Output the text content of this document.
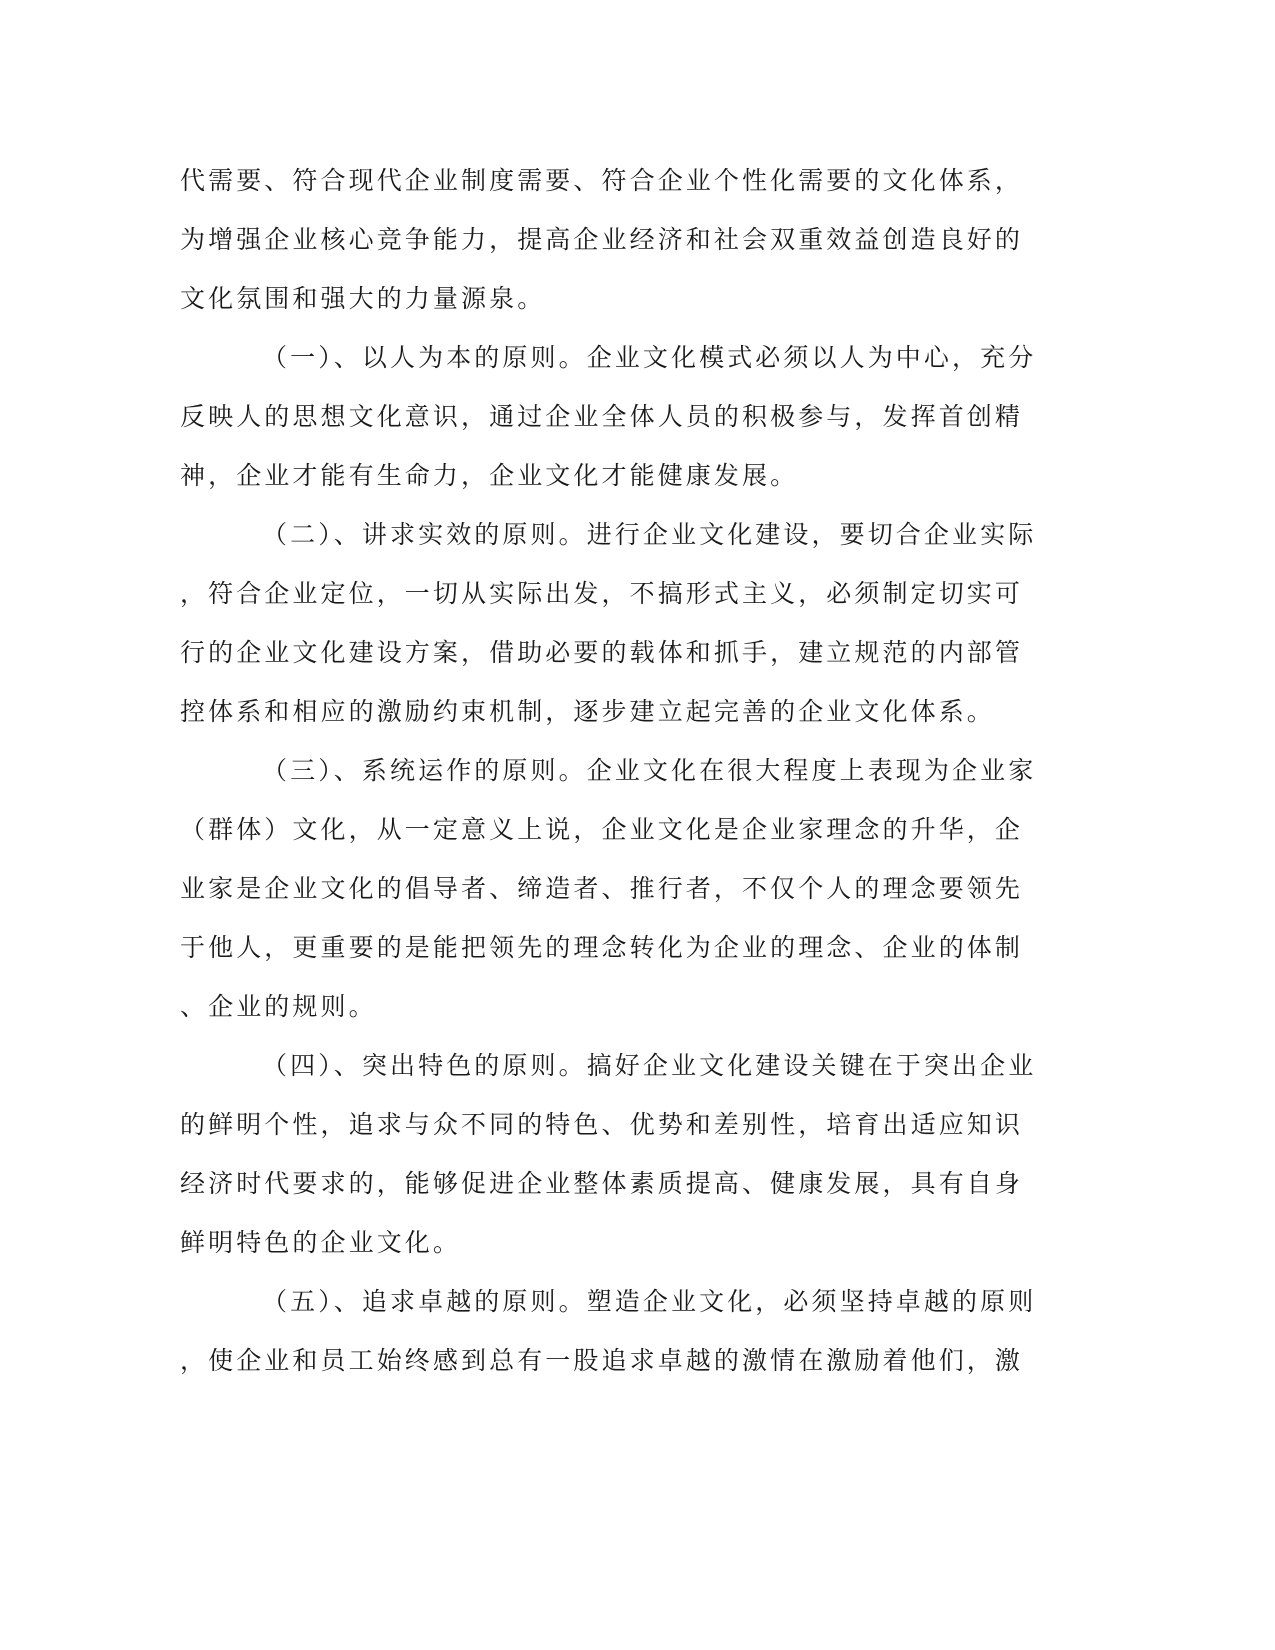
代需要、符合现代企业制度需要、符合企业个性化需要的文化体系，

为增强企业核心竞争能力，提高企业经济和社会双重效益创造良好的

文化氛围和强大的力量源泉。

（一）、以人为本的原则。企业文化模式必须以人为中心，充分

反映人的思想文化意识，通过企业全体人员的积极参与，发挥首创精

神，企业才能有生命力，企业文化才能健康发展。

（二）、讲求实效的原则。进行企业文化建设，要切合企业实际

，符合企业定位，一切从实际出发，不搞形式主义，必须制定切实可

行的企业文化建设方案，借助必要的载体和抓手，建立规范的内部管

控体系和相应的激励约束机制，逐步建立起完善的企业文化体系。

（三）、系统运作的原则。企业文化在很大程度上表现为企业家

（群体）文化，从一定意义上说，企业文化是企业家理念的升华，企

业家是企业文化的倡导者、缔造者、推行者，不仅个人的理念要领先

于他人，更重要的是能把领先的理念转化为企业的理念、企业的体制

、企业的规则。

（四）、突出特色的原则。搞好企业文化建设关键在于突出企业

的鲜明个性，追求与众不同的特色、优势和差别性，培育出适应知识

经济时代要求的，能够促进企业整体素质提高、健康发展，具有自身

鲜明特色的企业文化。

（五）、追求卓越的原则。塑造企业文化，必须坚持卓越的原则

，使企业和员工始终感到总有一股追求卓越的激情在激励着他们，激
